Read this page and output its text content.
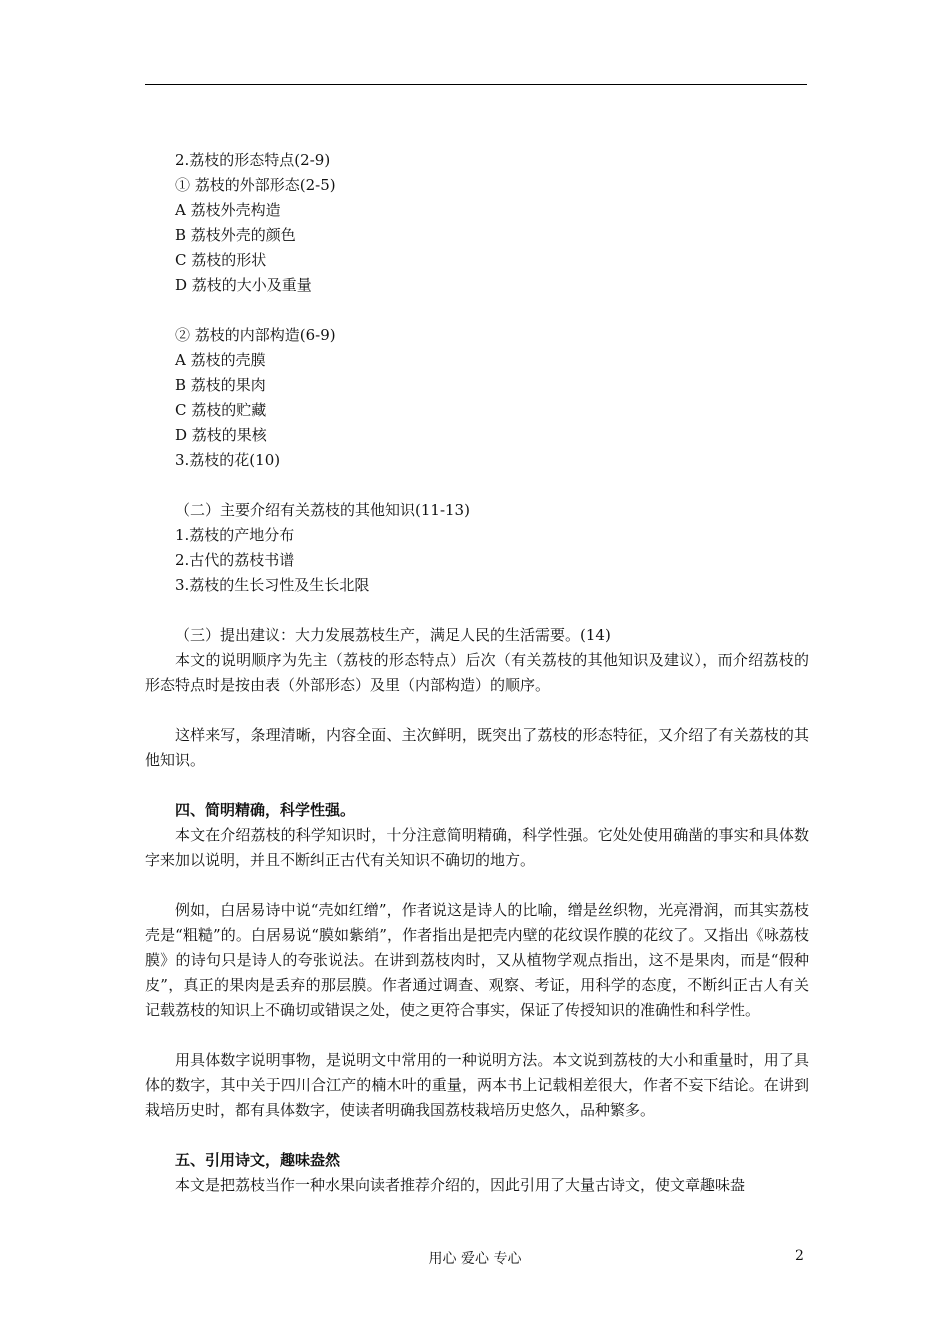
2.荔枝的形态特点(2-9)

① 荔枝的外部形态(2-5)

A 荔枝外壳构造

B 荔枝外壳的颜色

C 荔枝的形状

D 荔枝的大小及重量

② 荔枝的内部构造(6-9)

A 荔枝的壳膜

B 荔枝的果肉

C 荔枝的贮藏

D 荔枝的果核

3.荔枝的花(10)

（二）主要介绍有关荔枝的其他知识(11-13)

1.荔枝的产地分布

2.古代的荔枝书谱

3.荔枝的生长习性及生长北限

（三）提出建议：大力发展荔枝生产，满足人民的生活需要。(14)

本文的说明顺序为先主（荔枝的形态特点）后次（有关荔枝的其他知识及建议），而介绍荔枝的形态特点时是按由表（外部形态）及里（内部构造）的顺序。

这样来写，条理清晰，内容全面、主次鲜明，既突出了荔枝的形态特征，又介绍了有关荔枝的其他知识。

四、简明精确，科学性强。

本文在介绍荔枝的科学知识时，十分注意简明精确，科学性强。它处处使用确凿的事实和具体数字来加以说明，并且不断纠正古代有关知识不确切的地方。

例如，白居易诗中说“壳如红缯”，作者说这是诗人的比喻，缯是丝织物，光亮滑润，而其实荔枝壳是“粗糙”的。白居易说“膜如紫绡”，作者指出是把壳内壁的花纹误作膜的花纹了。又指出《咏荔枝膜》的诗句只是诗人的夸张说法。在讲到荔枝肉时，又从植物学观点指出，这不是果肉，而是“假种皮”，真正的果肉是丢弃的那层膜。作者通过调查、观察、考证，用科学的态度，不断纠正古人有关记载荔枝的知识上不确切或错误之处，使之更符合事实，保证了传授知识的准确性和科学性。

用具体数字说明事物，是说明文中常用的一种说明方法。本文说到荔枝的大小和重量时，用了具体的数字，其中关于四川合江产的楠木叶的重量，两本书上记载相差很大，作者不妄下结论。在讲到栽培历史时，都有具体数字，使读者明确我国荔枝栽培历史悠久，品种繁多。

五、引用诗文，趣味盎然

本文是把荔枝当作一种水果向读者推荐介绍的，因此引用了大量古诗文，使文章趣味盎

用心 爱心 专心	2
